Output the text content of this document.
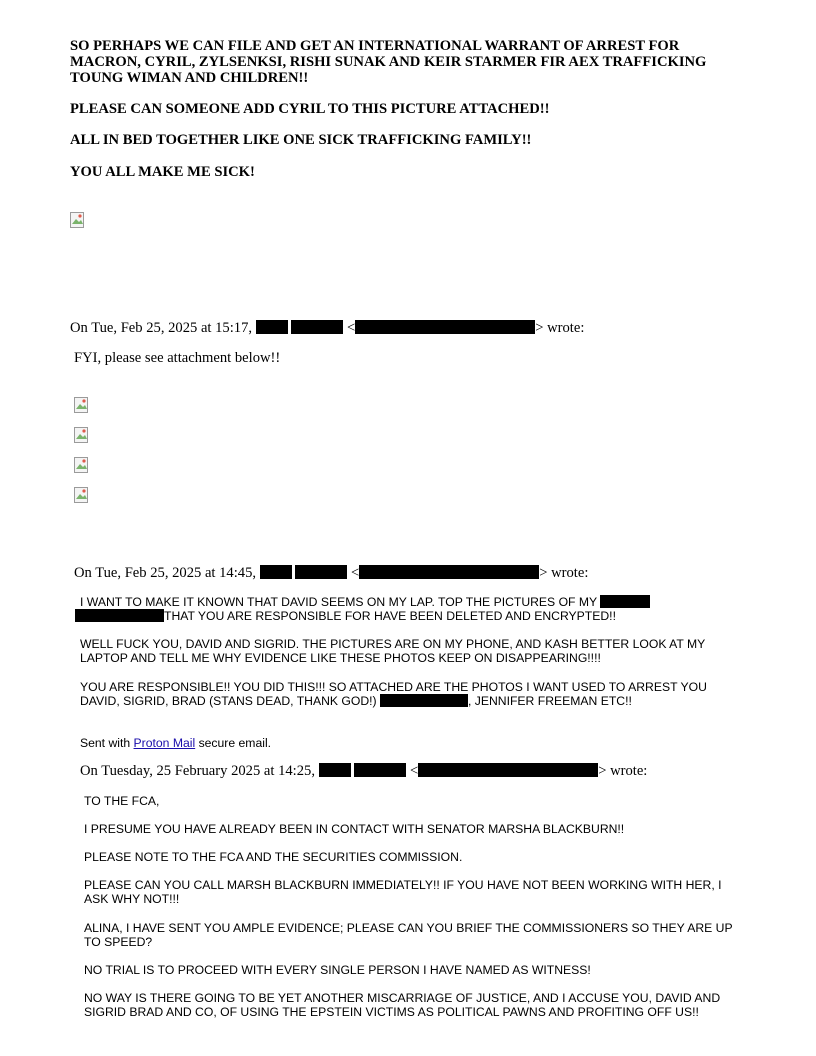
SO PERHAPS WE CAN FILE AND GET AN INTERNATIONAL WARRANT OF ARREST FOR MACRON, CYRIL, ZYLSENKSI, RISHI SUNAK AND KEIR STARMER FIR AEX TRAFFICKING TOUNG WIMAN AND CHILDREN!!

PLEASE CAN SOMEONE ADD CYRIL TO THIS PICTURE ATTACHED!!

ALL IN BED TOGETHER LIKE ONE SICK TRAFFICKING FAMILY!!

YOU ALL MAKE ME SICK!

On Tue, Feb 25, 2025 at 15:17,	<	> wrote:
FYI, please see attachment below!!
On Tue, Feb 25, 2025 at 14:45,	<	> wrote:
I WANT TO MAKE IT KNOWN THAT DAVID SEEMS ON MY LAP. TOP THE PICTURES OF MY
THAT YOU ARE RESPONSIBLE FOR HAVE BEEN DELETED AND ENCRYPTED!!

WELL FUCK YOU, DAVID AND SIGRID. THE PICTURES ARE ON MY PHONE, AND KASH BETTER LOOK AT MY LAPTOP AND TELL ME WHY EVIDENCE LIKE THESE PHOTOS KEEP ON DISAPPEARING!!!!

YOU ARE RESPONSIBLE!! YOU DID THIS!!! SO ATTACHED ARE THE PHOTOS I WANT USED TO ARREST YOU DAVID, SIGRID, BRAD (STANS DEAD, THANK GOD!)	, JENNIFER FREEMAN ETC!!
Sent with Proton Mail secure email.
On Tuesday, 25 February 2025 at 14:25,	<	> wrote:

TO THE FCA,

I PRESUME YOU HAVE ALREADY BEEN IN CONTACT WITH SENATOR MARSHA BLACKBURN!!

PLEASE NOTE TO THE FCA AND THE SECURITIES COMMISSION.

PLEASE CAN YOU CALL MARSH BLACKBURN IMMEDIATELY!! IF YOU HAVE NOT BEEN WORKING WITH HER, I ASK WHY NOT!!!

ALINA, I HAVE SENT YOU AMPLE EVIDENCE; PLEASE CAN YOU BRIEF THE COMMISSIONERS SO THEY ARE UP TO SPEED?

NO TRIAL IS TO PROCEED WITH EVERY SINGLE PERSON I HAVE NAMED AS WITNESS!

NO WAY IS THERE GOING TO BE YET ANOTHER MISCARRIAGE OF JUSTICE, AND I ACCUSE YOU, DAVID AND SIGRID BRAD AND CO, OF USING THE EPSTEIN VICTIMS AS POLITICAL PAWNS AND PROFITING OFF US!!
